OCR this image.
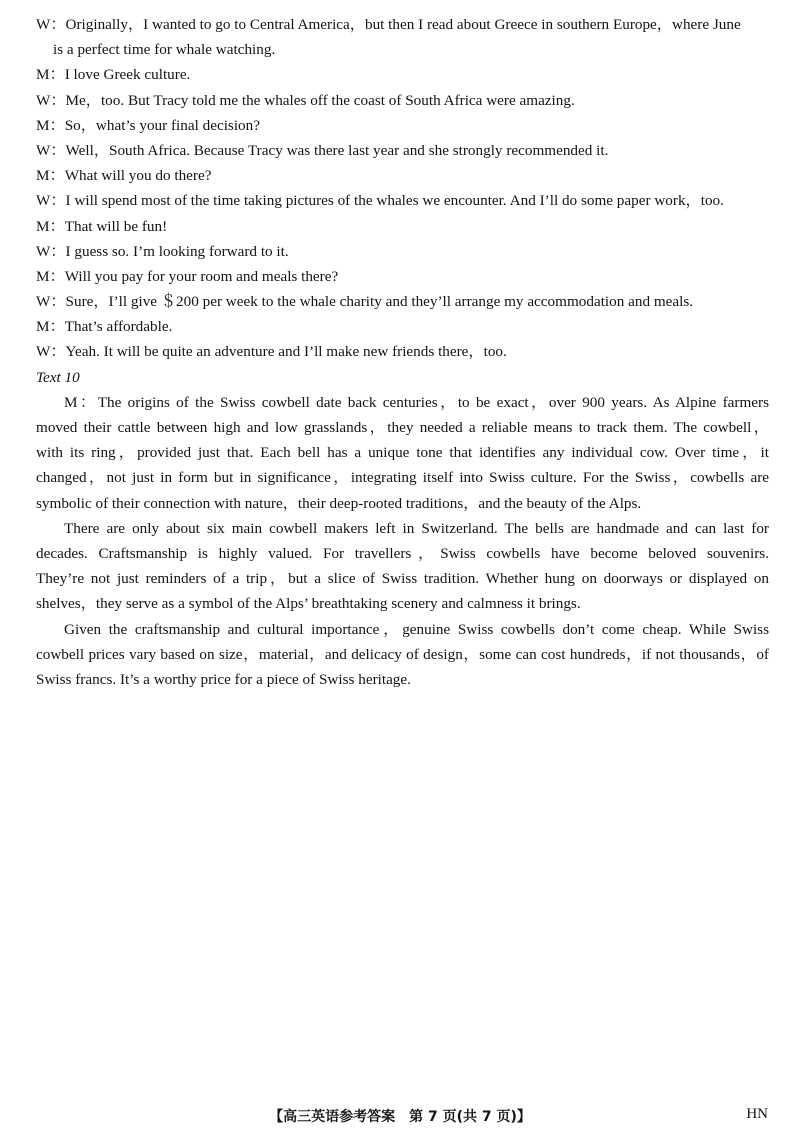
W：Originally，I wanted to go to Central America，but then I read about Greece in southern Europe，where June
is a perfect time for whale watching.
M：I love Greek culture.
W：Me，too. But Tracy told me the whales off the coast of South Africa were amazing.
M：So，what’s your final decision?
W：Well，South Africa. Because Tracy was there last year and she strongly recommended it.
M：What will you do there?
W：I will spend most of the time taking pictures of the whales we encounter. And I’ll do some paper work，too.
M：That will be fun!
W：I guess so. I’m looking forward to it.
M：Will you pay for your room and meals there?
W：Sure，I’ll give ＄200 per week to the whale charity and they’ll arrange my accommodation and meals.
M：That’s affordable.
W：Yeah. It will be quite an adventure and I’ll make new friends there，too.
Text 10
M：The origins of the Swiss cowbell date back centuries，to be exact，over 900 years. As Alpine farmers
moved their cattle between high and low grasslands，they needed a reliable means to track them. The cowbell，
with its ring，provided just that. Each bell has a unique tone that identifies any individual cow. Over time，it
changed，not just in form but in significance，integrating itself into Swiss culture. For the Swiss，cowbells are
symbolic of their connection with nature，their deep-rooted traditions，and the beauty of the Alps.
There are only about six main cowbell makers left in Switzerland. The bells are handmade and can last for
decades. Craftsmanship is highly valued. For travellers，Swiss cowbells have become beloved souvenirs.
They’re not just reminders of a trip，but a slice of Swiss tradition. Whether hung on doorways or displayed on
shelves，they serve as a symbol of the Alps’ breathtaking scenery and calmness it brings.
Given the craftsmanship and cultural importance，genuine Swiss cowbells don’t come cheap. While Swiss
cowbell prices vary based on size，material，and delicacy of design，some can cost hundreds，if not thousands，of
Swiss francs. It’s a worthy price for a piece of Swiss heritage.
【高三英语参考答案　第 7 页(共 7 页)】	HN
